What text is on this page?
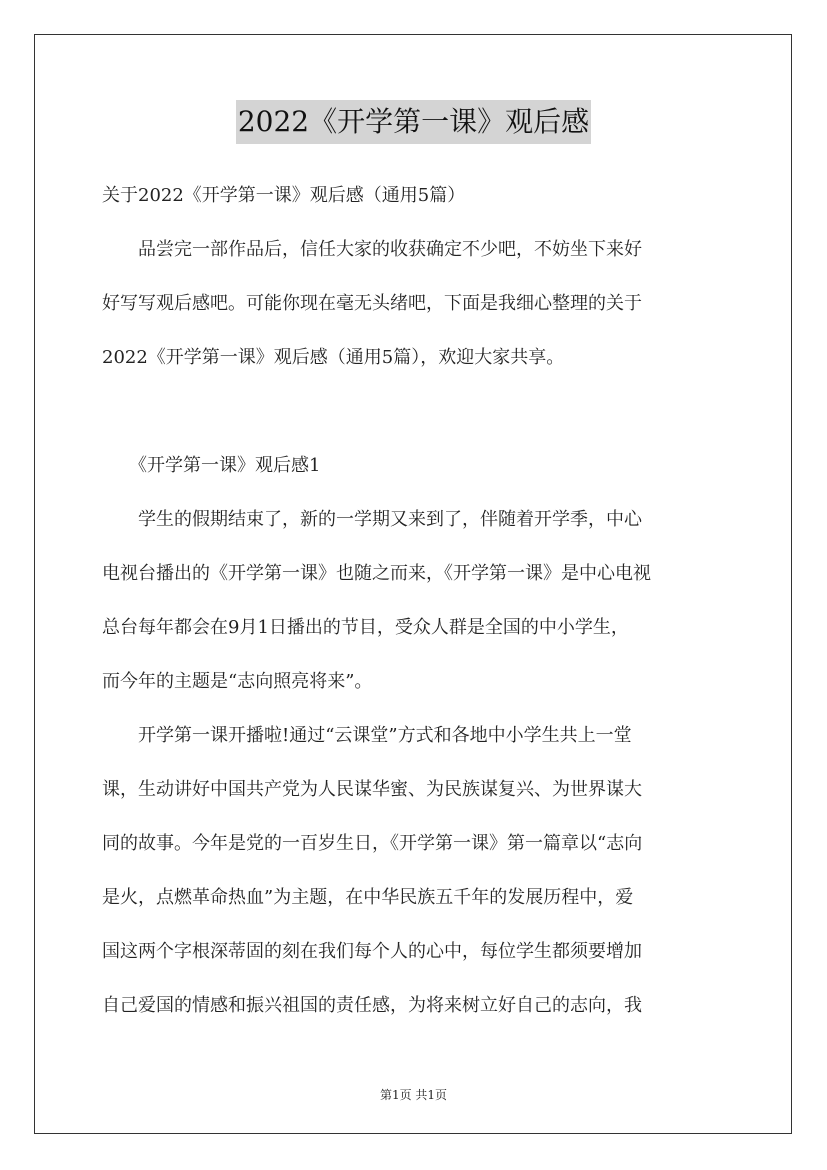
2022《开学第一课》观后感
关于2022《开学第一课》观后感（通用5篇）
　　品尝完一部作品后，信任大家的收获确定不少吧，不妨坐下来好
好写写观后感吧。可能你现在毫无头绪吧，下面是我细心整理的关于
2022《开学第一课》观后感（通用5篇），欢迎大家共享。
　　《开学第一课》观后感1
　　学生的假期结束了，新的一学期又来到了，伴随着开学季，中心
电视台播出的《开学第一课》也随之而来，《开学第一课》是中心电视
总台每年都会在9月1日播出的节目，受众人群是全国的中小学生，
而今年的主题是“志向照亮将来”。
　　开学第一课开播啦!通过“云课堂”方式和各地中小学生共上一堂
课，生动讲好中国共产党为人民谋华蜜、为民族谋复兴、为世界谋大
同的故事。今年是党的一百岁生日，《开学第一课》第一篇章以“志向
是火，点燃革命热血”为主题，在中华民族五千年的发展历程中，爱
国这两个字根深蒂固的刻在我们每个人的心中，每位学生都须要增加
自己爱国的情感和振兴祖国的责任感，为将来树立好自己的志向，我
第1页 共1页
